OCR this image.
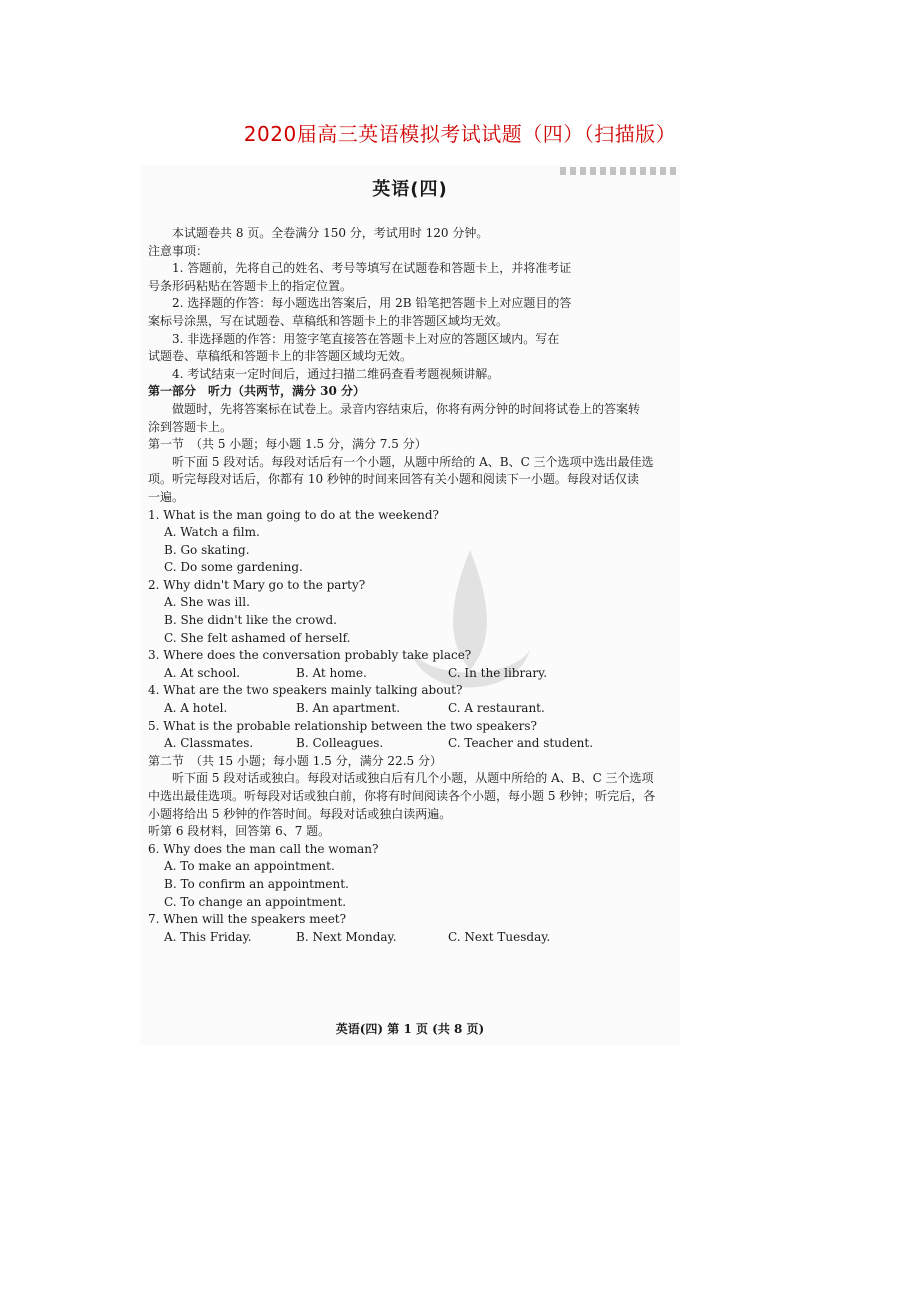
2020届高三英语模拟考试试题（四）（扫描版）
英语(四)
本试题卷共 8 页。全卷满分 150 分，考试用时 120 分钟。
注意事项：
1. 答题前，先将自己的姓名、考号等填写在试题卷和答题卡上，并将准考证
号条形码粘贴在答题卡上的指定位置。
2. 选择题的作答：每小题选出答案后，用 2B 铅笔把答题卡上对应题目的答
案标号涂黑，写在试题卷、草稿纸和答题卡上的非答题区域均无效。
3. 非选择题的作答：用签字笔直接答在答题卡上对应的答题区域内。写在
试题卷、草稿纸和答题卡上的非答题区域均无效。
4. 考试结束一定时间后，通过扫描二维码查看考题视频讲解。
第一部分　听力（共两节，满分 30 分）
做题时，先将答案标在试卷上。录音内容结束后，你将有两分钟的时间将试卷上的答案转
涂到答题卡上。
第一节　（共 5 小题；每小题 1.5 分，满分 7.5 分）
听下面 5 段对话。每段对话后有一个小题，从题中所给的 A、B、C 三个选项中选出最佳选
项。听完每段对话后，你都有 10 秒钟的时间来回答有关小题和阅读下一小题。每段对话仅读
一遍。
1. What is the man going to do at the weekend?
A. Watch a film.
B. Go skating.
C. Do some gardening.
2. Why didn't Mary go to the party?
A. She was ill.
B. She didn't like the crowd.
C. She felt ashamed of herself.
3. Where does the conversation probably take place?
A. At school.	B. At home.	C. In the library.
4. What are the two speakers mainly talking about?
A. A hotel.	B. An apartment.	C. A restaurant.
5. What is the probable relationship between the two speakers?
A. Classmates.	B. Colleagues.	C. Teacher and student.
第二节　（共 15 小题；每小题 1.5 分，满分 22.5 分）
听下面 5 段对话或独白。每段对话或独白后有几个小题，从题中所给的 A、B、C 三个选项
中选出最佳选项。听每段对话或独白前，你将有时间阅读各个小题，每小题 5 秒钟；听完后，各
小题将给出 5 秒钟的作答时间。每段对话或独白读两遍。
听第 6 段材料，回答第 6、7 题。
6. Why does the man call the woman?
A. To make an appointment.
B. To confirm an appointment.
C. To change an appointment.
7. When will the speakers meet?
A. This Friday.	B. Next Monday.	C. Next Tuesday.
英语(四) 第 1 页 (共 8 页)
